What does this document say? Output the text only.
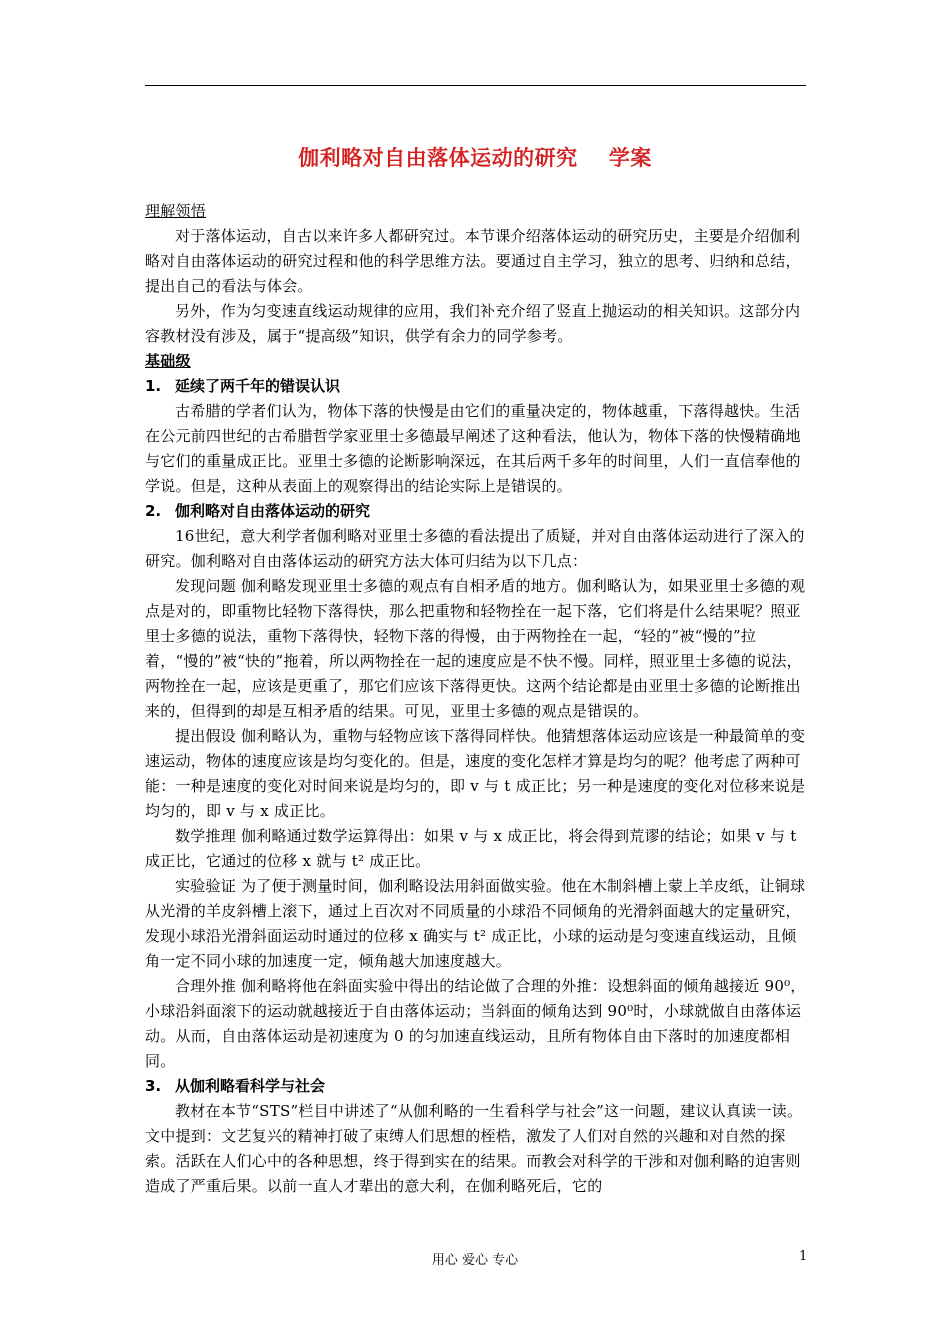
伽利略对自由落体运动的研究    学案
理解领悟
对于落体运动，自古以来许多人都研究过。本节课介绍落体运动的研究历史，主要是介绍伽利略对自由落体运动的研究过程和他的科学思维方法。要通过自主学习，独立的思考、归纳和总结，提出自己的看法与体会。
另外，作为匀变速直线运动规律的应用，我们补充介绍了竖直上抛运动的相关知识。这部分内容教材没有涉及，属于“提高级”知识，供学有余力的同学参考。
基础级
1. 延续了两千年的错误认识
古希腊的学者们认为，物体下落的快慢是由它们的重量决定的，物体越重，下落得越快。生活在公元前四世纪的古希腊哲学家亚里士多德最早阐述了这种看法，他认为，物体下落的快慢精确地与它们的重量成正比。亚里士多德的论断影响深远，在其后两千多年的时间里，人们一直信奉他的学说。但是，这种从表面上的观察得出的结论实际上是错误的。
2. 伽利略对自由落体运动的研究
16世纪，意大利学者伽利略对亚里士多德的看法提出了质疑，并对自由落体运动进行了深入的研究。伽利略对自由落体运动的研究方法大体可归结为以下几点：
发现问题 伽利略发现亚里士多德的观点有自相矛盾的地方。伽利略认为，如果亚里士多德的观点是对的，即重物比轻物下落得快，那么把重物和轻物拴在一起下落，它们将是什么结果呢？照亚里士多德的说法，重物下落得快，轻物下落的得慢，由于两物拴在一起，“轻的”被“慢的”拉着，“慢的”被“快的”拖着，所以两物拴在一起的速度应是不快不慢。同样，照亚里士多德的说法，两物拴在一起，应该是更重了，那它们应该下落得更快。这两个结论都是由亚里士多德的论断推出来的，但得到的却是互相矛盾的结果。可见，亚里士多德的观点是错误的。
提出假设 伽利略认为，重物与轻物应该下落得同样快。他猜想落体运动应该是一种最简单的变速运动，物体的速度应该是均匀变化的。但是，速度的变化怎样才算是均匀的呢？他考虑了两种可能：一种是速度的变化对时间来说是均匀的，即 v 与 t 成正比；另一种是速度的变化对位移来说是均匀的，即 v 与 x 成正比。
数学推理 伽利略通过数学运算得出：如果 v 与 x 成正比，将会得到荒谬的结论；如果 v 与 t 成正比，它通过的位移 x 就与 t² 成正比。
实验验证 为了便于测量时间，伽利略设法用斜面做实验。他在木制斜槽上蒙上羊皮纸，让铜球从光滑的羊皮斜槽上滚下，通过上百次对不同质量的小球沿不同倾角的光滑斜面越大的定量研究，发现小球沿光滑斜面运动时通过的位移 x 确实与 t² 成正比，小球的运动是匀变速直线运动，且倾角一定不同小球的加速度一定，倾角越大加速度越大。
合理外推 伽利略将他在斜面实验中得出的结论做了合理的外推：设想斜面的倾角越接近 90⁰，小球沿斜面滚下的运动就越接近于自由落体运动；当斜面的倾角达到 90⁰时，小球就做自由落体运动。从而，自由落体运动是初速度为 0 的匀加速直线运动，且所有物体自由下落时的加速度都相同。
3. 从伽利略看科学与社会
教材在本节“STS”栏目中讲述了“从伽利略的一生看科学与社会”这一问题，建议认真读一读。文中提到：文艺复兴的精神打破了束缚人们思想的桎梏，激发了人们对自然的兴趣和对自然的探索。活跃在人们心中的各种思想，终于得到实在的结果。而教会对科学的干涉和对伽利略的迫害则造成了严重后果。以前一直人才辈出的意大利，在伽利略死后，它的
用心 爱心 专心	1
